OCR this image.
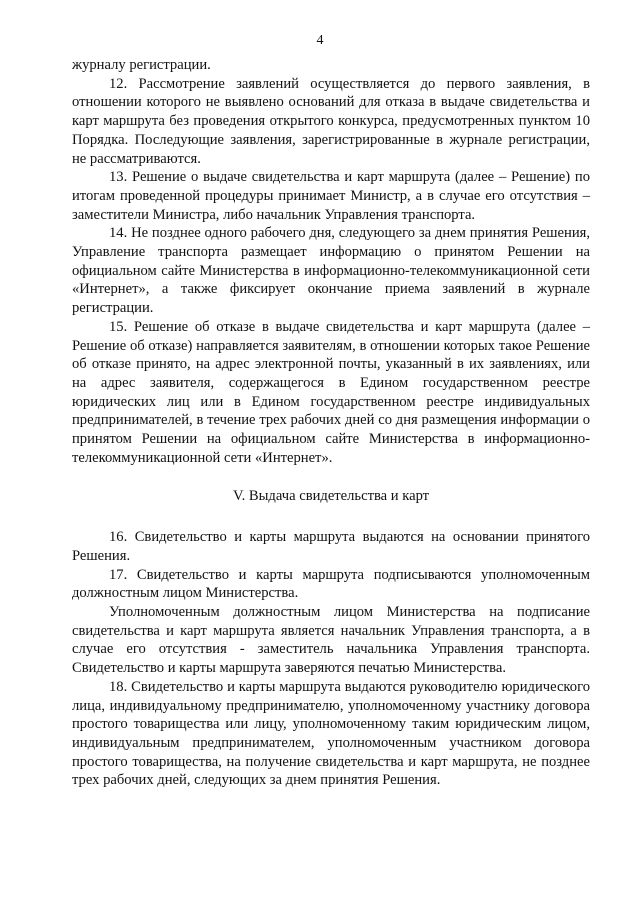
4

журналу регистрации.

12. Рассмотрение заявлений осуществляется до первого заявления, в отношении которого не выявлено оснований для отказа в выдаче свидетельства и карт маршрута без проведения открытого конкурса, предусмотренных пунктом 10 Порядка. Последующие заявления, зарегистрированные в журнале регистрации, не рассматриваются.

13. Решение о выдаче свидетельства и карт маршрута (далее – Решение) по итогам проведенной процедуры принимает Министр, а в случае его отсутствия – заместители Министра, либо начальник Управления транспорта.

14. Не позднее одного рабочего дня, следующего за днем принятия Решения, Управление транспорта размещает информацию о принятом Решении на официальном сайте Министерства в информационно-телекоммуникационной сети «Интернет», а также фиксирует окончание приема заявлений в журнале регистрации.

15. Решение об отказе в выдаче свидетельства и карт маршрута (далее – Решение об отказе) направляется заявителям, в отношении которых такое Решение об отказе принято, на адрес электронной почты, указанный в их заявлениях, или на адрес заявителя, содержащегося в Едином государственном реестре юридических лиц или в Едином государственном реестре индивидуальных предпринимателей, в течение трех рабочих дней со дня размещения информации о принятом Решении на официальном сайте Министерства в информационно-телекоммуникационной сети «Интернет».

V. Выдача свидетельства и карт

16. Свидетельство и карты маршрута выдаются на основании принятого Решения.

17. Свидетельство и карты маршрута подписываются уполномоченным должностным лицом Министерства.

Уполномоченным должностным лицом Министерства на подписание свидетельства и карт маршрута является начальник Управления транспорта, а в случае его отсутствия - заместитель начальника Управления транспорта. Свидетельство и карты маршрута заверяются печатью Министерства.

18. Свидетельство и карты маршрута выдаются руководителю юридического лица, индивидуальному предпринимателю, уполномоченному участнику договора простого товарищества или лицу, уполномоченному таким юридическим лицом, индивидуальным предпринимателем, уполномоченным участником договора простого товарищества, на получение свидетельства и карт маршрута, не позднее трех рабочих дней, следующих за днем принятия Решения.
